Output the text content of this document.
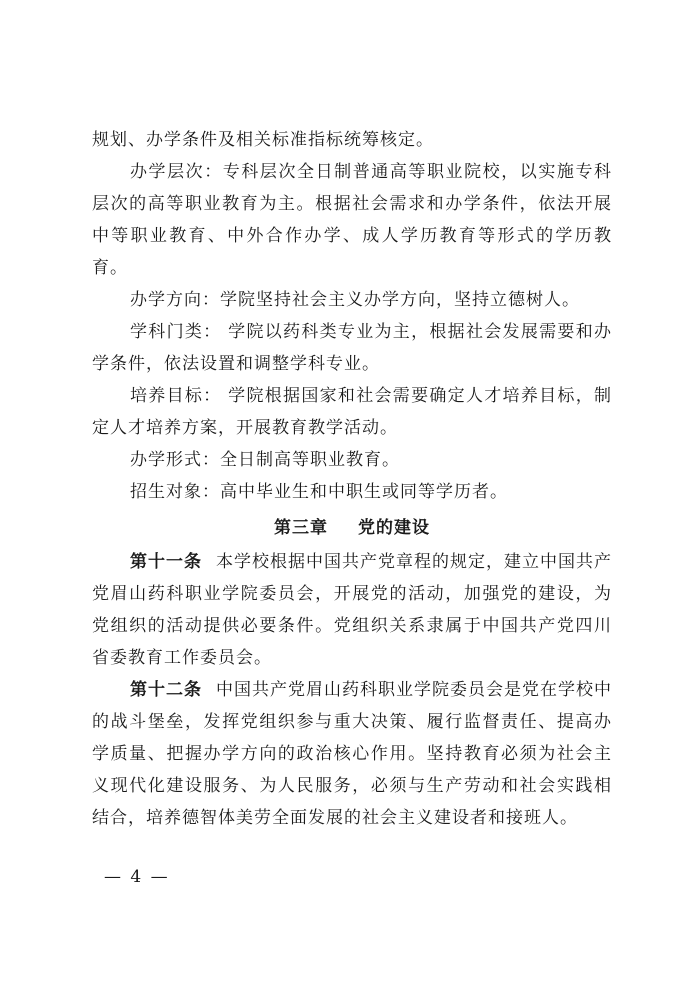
规划、办学条件及相关标准指标统筹核定。

办学层次：专科层次全日制普通高等职业院校，以实施专科层次的高等职业教育为主。根据社会需求和办学条件，依法开展中等职业教育、中外合作办学、成人学历教育等形式的学历教育。

办学方向：学院坚持社会主义办学方向，坚持立德树人。

学科门类： 学院以药科类专业为主，根据社会发展需要和办学条件，依法设置和调整学科专业。

培养目标： 学院根据国家和社会需要确定人才培养目标，制定人才培养方案，开展教育教学活动。

办学形式：全日制高等职业教育。

招生对象：高中毕业生和中职生或同等学历者。

第三章 党的建设

第十一条 本学校根据中国共产党章程的规定，建立中国共产党眉山药科职业学院委员会，开展党的活动，加强党的建设，为党组织的活动提供必要条件。党组织关系隶属于中国共产党四川省委教育工作委员会。

第十二条 中国共产党眉山药科职业学院委员会是党在学校中的战斗堡垒，发挥党组织参与重大决策、履行监督责任、提高办学质量、把握办学方向的政治核心作用。坚持教育必须为社会主义现代化建设服务、为人民服务，必须与生产劳动和社会实践相结合，培养德智体美劳全面发展的社会主义建设者和接班人。

— 4 —
